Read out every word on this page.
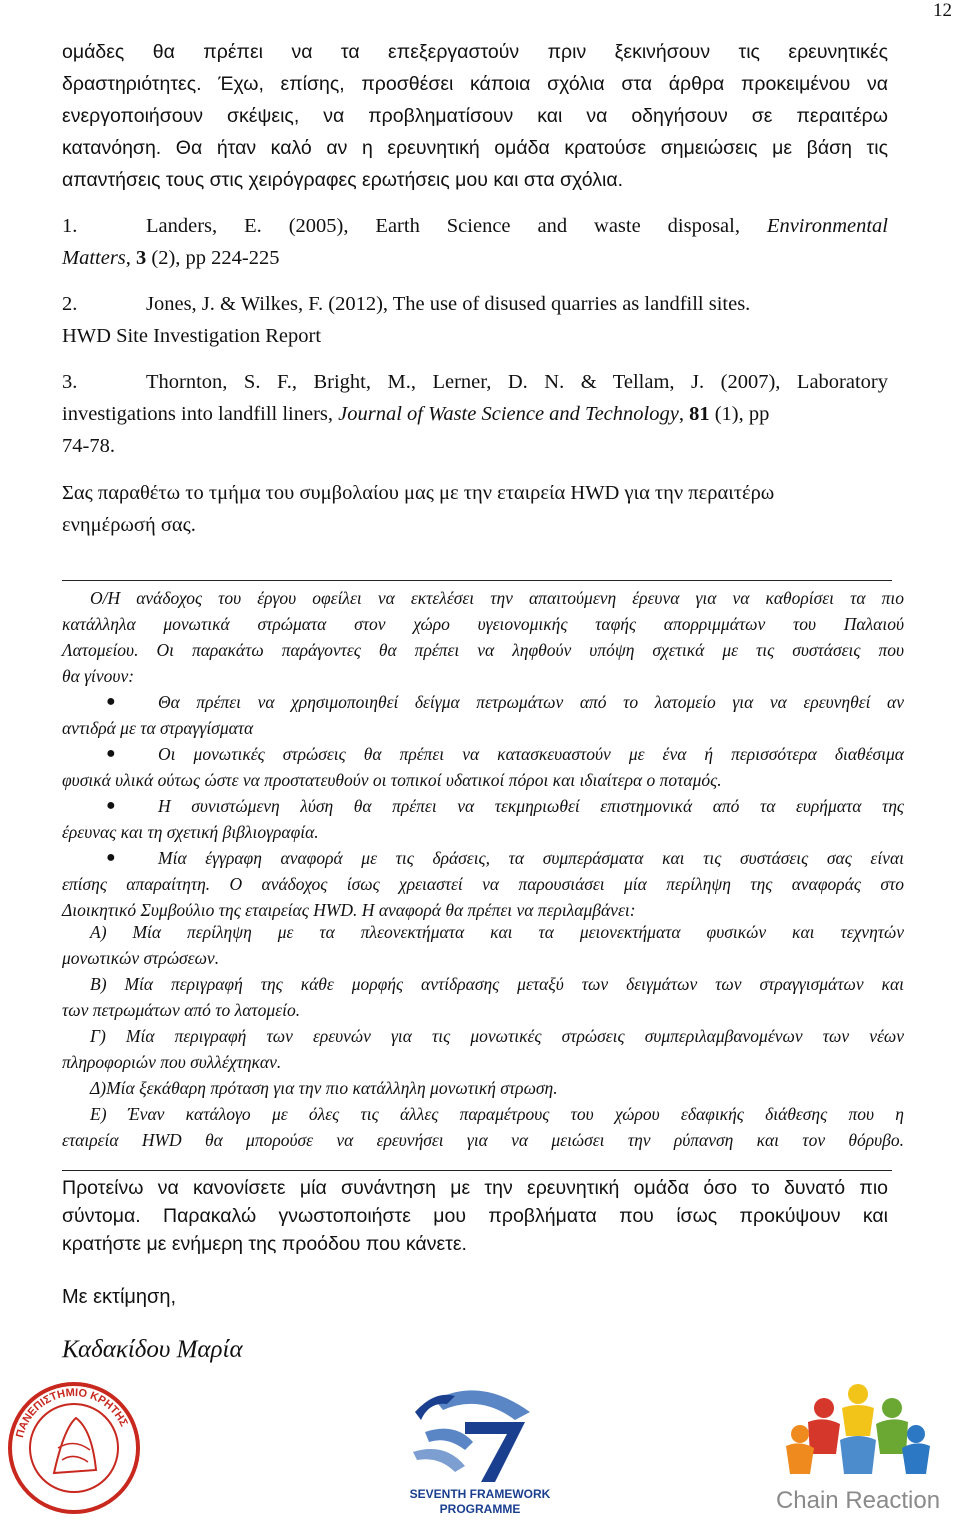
12
ομάδες θα πρέπει να τα επεξεργαστούν πριν ξεκινήσουν τις ερευνητικές
δραστηριότητες. Έχω, επίσης, προσθέσει κάποια σχόλια στα άρθρα προκειμένου να
ενεργοποιήσουν σκέψεις, να προβληματίσουν και να οδηγήσουν σε περαιτέρω
κατανόηση. Θα ήταν καλό αν η ερευνητική ομάδα κρατούσε σημειώσεις με βάση τις
απαντήσεις τους στις χειρόγραφες ερωτήσεις μου και στα σχόλια.
1.	Landers, E. (2005), Earth Science and waste disposal, Environmental
Matters, 3 (2), pp 224-225
2.	Jones, J. & Wilkes, F. (2012), The use of disused quarries as landfill sites.
HWD Site Investigation Report
3.	Thornton, S. F., Bright, M., Lerner, D. N. & Tellam, J. (2007), Laboratory
investigations into landfill liners, Journal of Waste Science and Technology, 81 (1), pp
74-78.
Σας παραθέτω το τμήμα του συμβολαίου μας με την εταιρεία HWD για την περαιτέρω
ενημέρωσή σας.
Ο/Η ανάδοχος του έργου οφείλει να εκτελέσει την απαιτούμενη έρευνα για να καθορίσει τα πιο
κατάλληλα μονωτικά στρώματα στον χώρο υγειονομικής ταφής απορριμμάτων του Παλαιού
Λατομείου. Οι παρακάτω παράγοντες θα πρέπει να ληφθούν υπόψη σχετικά με τις συστάσεις που
θα γίνουν:
●	Θα πρέπει να χρησιμοποιηθεί δείγμα πετρωμάτων από το λατομείο για να ερευνηθεί αν
αντιδρά με τα στραγγίσματα
●	Οι μονωτικές στρώσεις θα πρέπει να κατασκευαστούν με ένα ή περισσότερα διαθέσιμα
φυσικά υλικά ούτως ώστε να προστατευθούν οι τοπικοί υδατικοί πόροι και ιδιαίτερα ο ποταμός.
●	Η συνιστώμενη λύση θα πρέπει να τεκμηριωθεί επιστημονικά από τα ευρήματα της
έρευνας και τη σχετική βιβλιογραφία.
●	Μία έγγραφη αναφορά με τις δράσεις, τα συμπεράσματα και τις συστάσεις σας είναι
επίσης απαραίτητη. Ο ανάδοχος ίσως χρειαστεί να παρουσιάσει μία περίληψη της αναφοράς στο
Διοικητικό Συμβούλιο της εταιρείας HWD. Η αναφορά θα πρέπει να περιλαμβάνει:
Α) Μία περίληψη με τα πλεονεκτήματα και τα μειονεκτήματα φυσικών και τεχνητών
μονωτικών στρώσεων.
Β) Μία περιγραφή της κάθε μορφής αντίδρασης μεταξύ των δειγμάτων των στραγγισμάτων και
των πετρωμάτων από το λατομείο.
Γ) Μία περιγραφή των ερευνών για τις μονωτικές στρώσεις συμπεριλαμβανομένων των νέων
πληροφοριών που συλλέχτηκαν.
Δ)Μία ξεκάθαρη πρόταση για την πιο κατάλληλη μονωτική στρωση.
Ε) Έναν κατάλογο με όλες τις άλλες παραμέτρους του χώρου εδαφικής διάθεσης που η
εταιρεία HWD θα μπορούσε να ερευνήσει για να μειώσει την ρύπανση και τον θόρυβο.
Προτείνω να κανονίσετε μία συνάντηση με την ερευνητική ομάδα όσο το δυνατό πιο
σύντομα. Παρακαλώ γνωστοποιήστε μου προβλήματα που ίσως προκύψουν και
κρατήστε με ενήμερη της προόδου που κάνετε.
Με εκτίμηση,
Καδακίδου Μαρία
ΠΑΝΕΠΙΣΤΗΜΙΟ ΚΡΗΤΗΣ
SEVENTH FRAMEWORK
PROGRAMME	Chain Reaction
